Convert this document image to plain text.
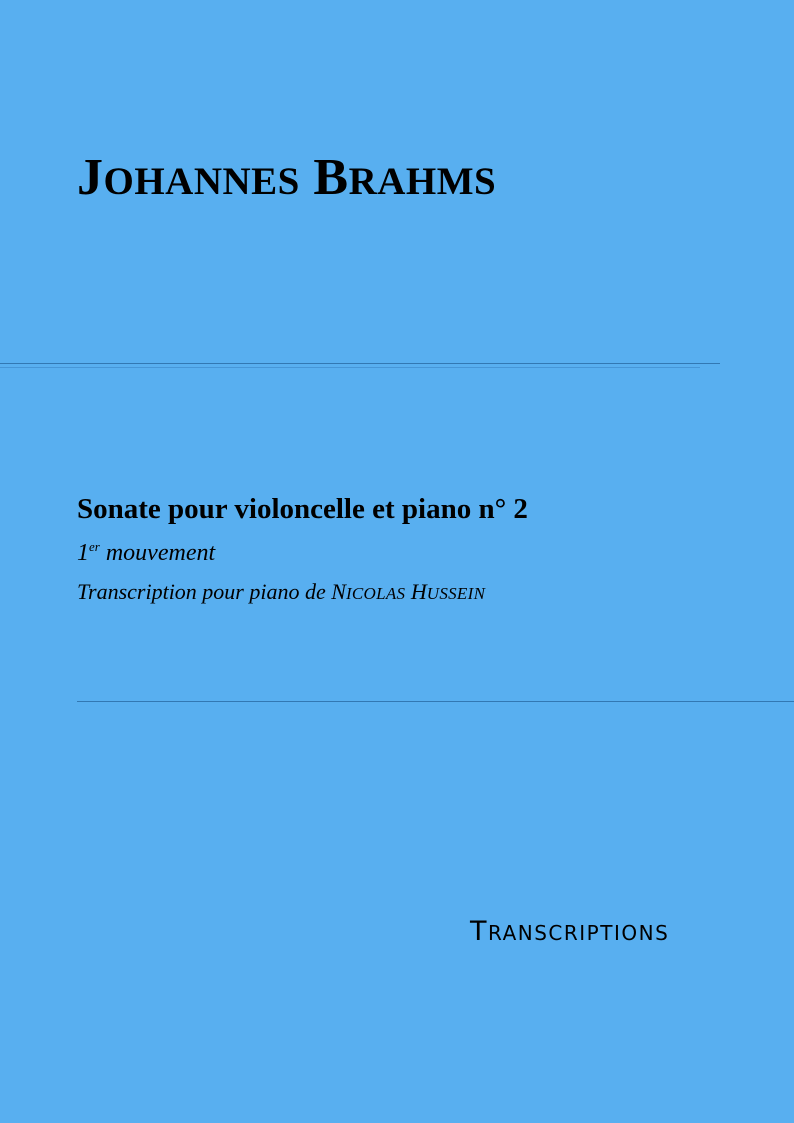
JOHANNES BRAHMS
Sonate pour violoncelle et piano n° 2
1er mouvement
Transcription pour piano de NICOLAS HUSSEIN
TRANSCRIPTIONS
